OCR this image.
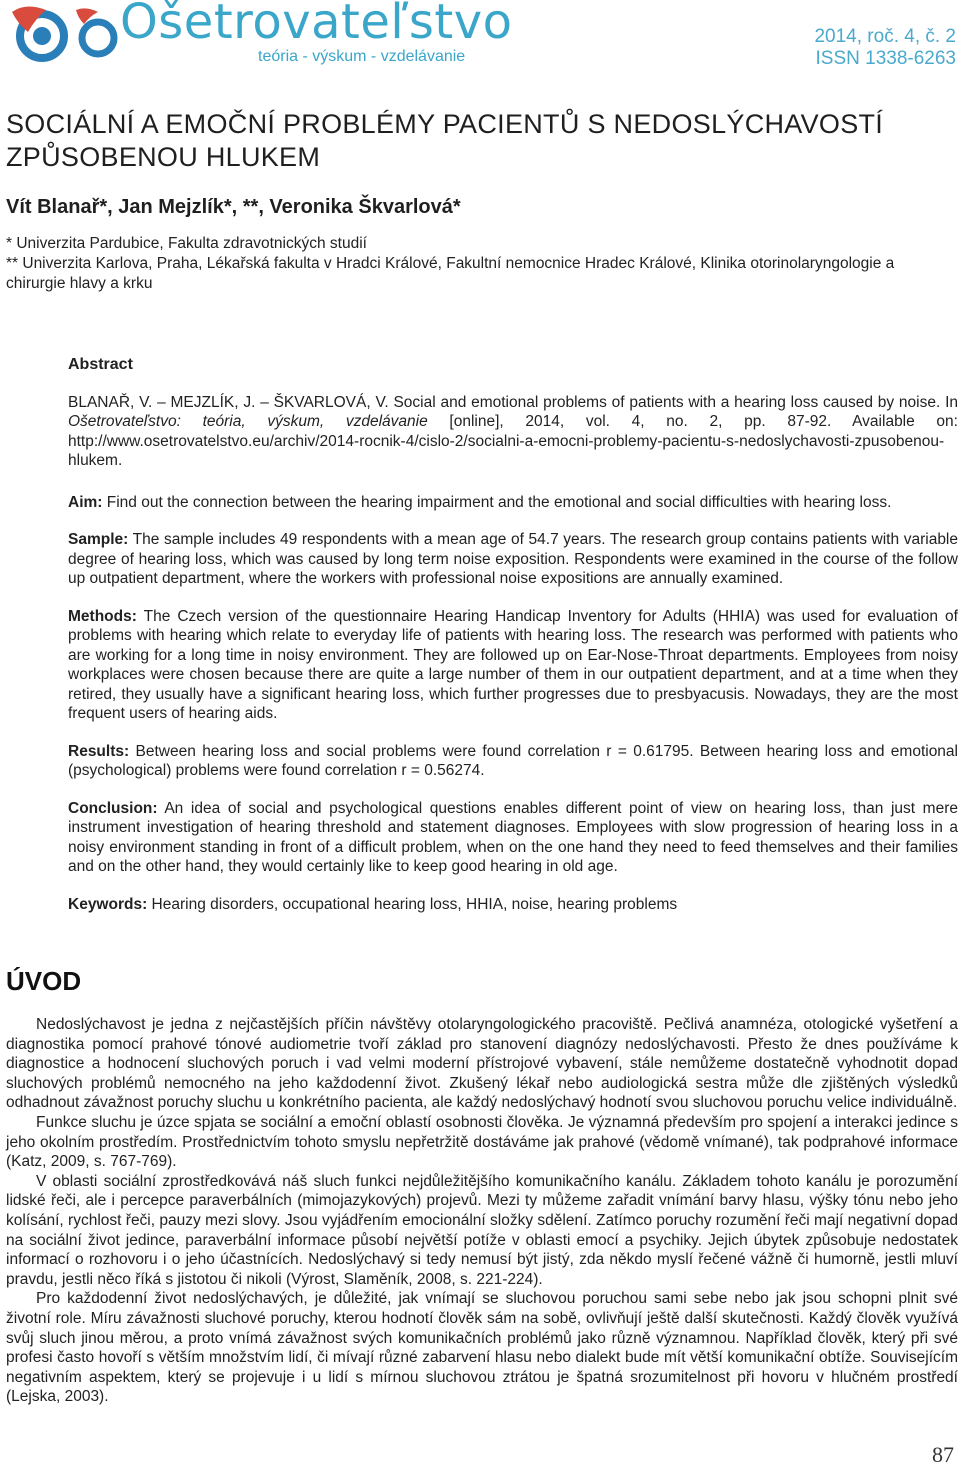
Ošetrovateľstvo
teória - výskum - vzdelávanie
2014, roč. 4, č. 2
ISSN 1338-6263
SOCIÁLNÍ A EMOČNÍ PROBLÉMY PACIENTŮ S NEDOSLÝCHAVOSTÍ ZPŮSOBENOU HLUKEM
Vít Blanař*, Jan Mejzlík*, **, Veronika Škvarlová*
* Univerzita Pardubice, Fakulta zdravotnických studií
** Univerzita Karlova, Praha, Lékařská fakulta v Hradci Králové, Fakultní nemocnice Hradec Králové, Klinika otorinolaryngologie a chirurgie hlavy a krku
Abstract

BLANAŘ, V. – MEJZLÍK, J. – ŠKVARLOVÁ, V. Social and emotional problems of patients with a hearing loss caused by noise. In Ošetrovateľstvo: teória, výskum, vzdelávanie [online], 2014, vol. 4, no. 2, pp. 87-92. Available on: http://www.osetrovatelstvo.eu/archiv/2014-rocnik-4/cislo-2/socialni-a-emocni-problemy-pacientu-s-nedoslychavosti-zpusobenou-hlukem.

Aim: Find out the connection between the hearing impairment and the emotional and social difficulties with hearing loss.

Sample: The sample includes 49 respondents with a mean age of 54.7 years. The research group contains patients with variable degree of hearing loss, which was caused by long term noise exposition. Respondents were examined in the course of the follow up outpatient department, where the workers with professional noise expositions are annually examined.

Methods: The Czech version of the questionnaire Hearing Handicap Inventory for Adults (HHIA) was used for evaluation of problems with hearing which relate to everyday life of patients with hearing loss. The research was performed with patients who are working for a long time in noisy environment. They are followed up on Ear-Nose-Throat departments. Employees from noisy workplaces were chosen because there are quite a large number of them in our outpatient department, and at a time when they retired, they usually have a significant hearing loss, which further progresses due to presbyacusis. Nowadays, they are the most frequent users of hearing aids.

Results: Between hearing loss and social problems were found correlation r = 0.61795. Between hearing loss and emotional (psychological) problems were found correlation r = 0.56274.

Conclusion: An idea of social and psychological questions enables different point of view on hearing loss, than just mere instrument investigation of hearing threshold and statement diagnoses. Employees with slow progression of hearing loss in a noisy environment standing in front of a difficult problem, when on the one hand they need to feed themselves and their families and on the other hand, they would certainly like to keep good hearing in old age.

Keywords: Hearing disorders, occupational hearing loss, HHIA, noise, hearing problems

ÚVOD

Nedoslýchavost je jedna z nejčastějších příčin návštěvy otolaryngologického pracoviště. Pečlivá anamnéza, otologické vyšetření a diagnostika pomocí prahové tónové audiometrie tvoří základ pro stanovení diagnózy nedoslýchavosti. Přesto že dnes používáme k diagnostice a hodnocení sluchových poruch i vad velmi moderní přístrojové vybavení, stále nemůžeme dostatečně vyhodnotit dopad sluchových problémů nemocného na jeho každodenní život. Zkušený lékař nebo audiologická sestra může dle zjištěných výsledků odhadnout závažnost poruchy sluchu u konkrétního pacienta, ale každý nedoslýchavý hodnotí svou sluchovou poruchu velice individuálně.

Funkce sluchu je úzce spjata se sociální a emoční oblastí osobnosti člověka. Je významná především pro spojení a interakci jedince s jeho okolním prostředím. Prostřednictvím tohoto smyslu nepřetržitě dostáváme jak prahové (vědomě vnímané), tak podprahové informace (Katz, 2009, s. 767-769).

V oblasti sociální zprostředkovává náš sluch funkci nejdůležitějšího komunikačního kanálu. Základem tohoto kanálu je porozumění lidské řeči, ale i percepce paraverbálních (mimojazykových) projevů. Mezi ty můžeme zařadit vnímání barvy hlasu, výšky tónu nebo jeho kolísání, rychlost řeči, pauzy mezi slovy. Jsou vyjádřením emocionální složky sdělení. Zatímco poruchy rozumění řeči mají negativní dopad na sociální život jedince, paraverbální informace působí největší potíže v oblasti emocí a psychiky. Jejich úbytek způsobuje nedostatek informací o rozhovoru i o jeho účastnících. Nedoslýchavý si tedy nemusí být jistý, zda někdo myslí řečené vážně či humorně, jestli mluví pravdu, jestli něco říká s jistotou či nikoli (Výrost, Slaměník, 2008, s. 221-224).

Pro každodenní život nedoslýchavých, je důležité, jak vnímají se sluchovou poruchou sami sebe nebo jak jsou schopni plnit své životní role. Míru závažnosti sluchové poruchy, kterou hodnotí člověk sám na sobě, ovlivňují ještě další skutečnosti. Každý člověk využívá svůj sluch jinou měrou, a proto vnímá závažnost svých komunikačních problémů jako různě významnou. Například člověk, který při své profesi často hovoří s větším množstvím lidí, či mívají různé zabarvení hlasu nebo dialekt bude mít větší komunikační obtíže. Souvisejícím negativním aspektem, který se projevuje i u lidí s mírnou sluchovou ztrátou je špatná srozumitelnost při hovoru v hlučném prostředí (Lejska, 2003).

87
